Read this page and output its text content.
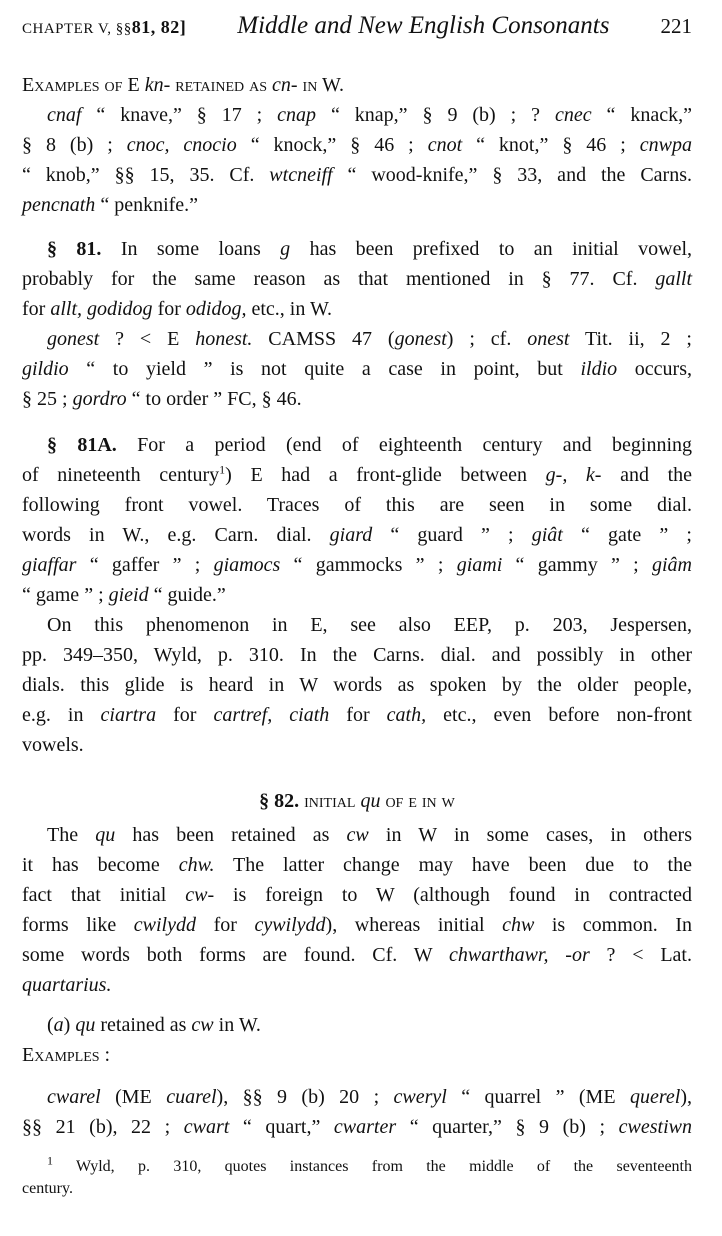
CHAPTER V, §§81, 82] Middle and New English Consonants 221

Examples of E kn- retained as cn- in W.

cnaf “ knave,” § 17 ; cnap “ knap,” § 9 (b) ; ? cnec “ knack,”

§ 8 (b) ; cnoc, cnocio “ knock,” § 46 ; cnot “ knot,” § 46 ; cnwpa

“ knob,” §§ 15, 35. Cf. wtcneiff “ wood-knife,” § 33, and the Carns.

pencnath “ penknife.”

§ 81. In some loans g has been prefixed to an initial vowel,

probably for the same reason as that mentioned in § 77. Cf. gallt

for allt, godidog for odidog, etc., in W.

gonest ? < E honest. CAMSS 47 (gonest) ; cf. onest Tit. ii, 2 ;

gildio “ to yield ” is not quite a case in point, but ildio occurs,

§ 25 ; gordro “ to order ” FC, § 46.

§ 81A. For a period (end of eighteenth century and beginning

of nineteenth century$^1$) E had a front-glide between g-, k- and the

following front vowel. Traces of this are seen in some dial.

words in W., e.g. Carn. dial. giard “ guard ” ; giât “ gate ” ;

giaffar “ gaffer ” ; giamocs “ gammocks ” ; giami “ gammy ” ; giâm

“ game ” ; gieid “ guide.”

On this phenomenon in E, see also EEP, p. 203, Jespersen,

pp. 349–350, Wyld, p. 310. In the Carns. dial. and possibly in other

dials. this glide is heard in W words as spoken by the older people,

e.g. in ciartra for cartref, ciath for cath, etc., even before non-front

vowels.

§ 82. initial qu of e in w

The qu has been retained as cw in W in some cases, in others

it has become chw. The latter change may have been due to the

fact that initial cw- is foreign to W (although found in contracted

forms like cwilydd for cywilydd), whereas initial chw is common. In

some words both forms are found. Cf. W chwarthawr, -or ? < Lat.

quartarius.

(a) qu retained as cw in W.

Examples :

cwarel (ME cuarel), §§ 9 (b) 20 ; cweryl “ quarrel ” (ME querel),

§§ 21 (b), 22 ; cwart “ quart,” cwarter “ quarter,” § 9 (b) ; cwestiwn

$^1$ Wyld, p. 310, quotes instances from the middle of the seventeenth

century.
